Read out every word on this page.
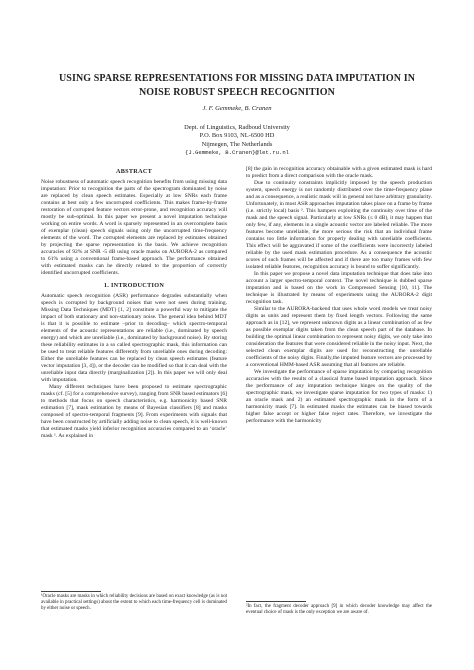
USING SPARSE REPRESENTATIONS FOR MISSING DATA IMPUTATION IN
NOISE ROBUST SPEECH RECOGNITION
J. F. Gemmeke, B. Cranen
Dept. of Linguistics, Radboud University
P.O. Box 9103, NL-6500 HD
Nijmegen, The Netherlands
{J.Gemmeke, B.Cranen}@let.ru.nl
ABSTRACT

Noise robustness of automatic speech recognition benefits from using missing data imputation: Prior to recognition the parts of the spectrogram dominated by noise are replaced by clean speech estimates. Especially at low SNRs each frame contains at best only a few uncorrupted coefficients. This makes frame-by-frame restoration of corrupted feature vectors error-prone, and recognition accuracy will mostly be sub-optimal. In this paper we present a novel imputation technique working on entire words. A word is sparsely represented in an overcomplete basis of exemplar (clean) speech signals using only the uncorrupted time-frequency elements of the word. The corrupted elements are replaced by estimates obtained by projecting the sparse representation in the basis. We achieve recognition accuracies of 92% at SNR -5 dB using oracle masks on AURORA-2 as compared to 61% using a conventional frame-based approach. The performance obtained with estimated masks can be directly related to the proportion of correctly identified uncorrupted coefficients.

1. INTRODUCTION

Automatic speech recognition (ASR) performance degrades substantially when speech is corrupted by background noises that were not seen during training. Missing Data Techniques (MDT) [1, 2] constitute a powerful way to mitigate the impact of both stationary and non-stationary noise. The general idea behind MDT is that it is possible to estimate –prior to decoding– which spectro-temporal elements of the acoustic representations are reliable (i.e., dominated by speech energy) and which are unreliable (i.e., dominated by background noise). By storing these reliability estimates in a so called spectrographic mask, this information can be used to treat reliable features differently from unreliable ones during decoding: Either the unreliable features can be replaced by clean speech estimates (feature vector imputation [3, 4]), or the decoder can be modified so that it can deal with the unreliable input data directly (marginalization [2]). In this paper we will only deal with imputation.

Many different techniques have been proposed to estimate spectrographic masks (cf. [5] for a comprehensive survey), ranging from SNR based estimators [6] to methods that focus on speech characteristics, e.g. harmonicity based SNR estimation [7], mask estimation by means of Bayesian classifiers [8] and masks composed of spectro-temporal fragments [9]. From experiments with signals that have been constructed by artificially adding noise to clean speech, it is well-known that estimated masks yield inferior recognition accuracies compared to an ‘oracle’ mask ¹. As explained in

¹Oracle masks are masks in which reliability decisions are based on exact knowledge (as is not available in practical settings) about the extent to which each time-frequency cell is dominated by either noise or speech.

[8] the gain in recognition accuracy obtainable with a given estimated mask is hard to predict from a direct comparison with the oracle mask.

Due to continuity constraints implicitly imposed by the speech production system, speech energy is not randomly distributed over the time-frequency plane and as a consequence, a realistic mask will in general not have arbitrary granularity. Unfortunately, in most ASR approaches imputation takes place on a frame by frame (i.e. strictly local) basis ². This hampers exploiting the continuity over time of the mask and the speech signal. Particularly at low SNRs (≤ 0 dB), it may happen that only few, if any, elements in a single acoustic vector are labeled reliable. The more features become unreliable, the more serious the risk that an individual frame contains too little information for properly dealing with unreliable coefficients. This effect will be aggravated if some of the coefficients were incorrectly labeled reliable by the used mask estimation procedure. As a consequence the acoustic scores of such frames will be affected and if there are too many frames with few isolated reliable features, recognition accuracy is bound to suffer significantly.

In this paper we propose a novel data imputation technique that does take into account a larger spectro-temporal context. The novel technique is dubbed sparse imputation and is based on the work in Compressed Sensing [10, 11]. The technique is illustrated by means of experiments using the AURORA-2 digit recognition task.

Similar to the AURORA-backend that uses whole word models we treat noisy digits as units and represent them by fixed length vectors. Following the same approach as in [12], we represent unknown digits as a linear combination of as few as possible exemplar digits taken from the clean speech part of the database. In building the optimal linear combination to represent noisy digits, we only take into consideration the features that were considered reliable in the noisy input. Next, the selected clean exemplar digits are used for reconstructing the unreliable coefficients of the noisy digits. Finally,the imputed feature vectors are processed by a conventional HMM-based ASR assuming that all features are reliable.

We investigate the performance of sparse imputation by comparing recognition accuracies with the results of a classical frame based imputation approach. Since the performance of any imputation technique hinges on the quality of the spectrographic mask, we investigate sparse imputation for two types of masks: 1) an oracle mask and 2) an estimated spectrographic mask in the form of a harmonicity mask [7]. In estimated masks the estimates can be biased towards higher false accept or higher false reject rates. Therefore, we investigate the performance with the harmonicity

²In fact, the fragment decoder approach [9] in which decoder knowledge may affect the eventual choice of mask is the only exception we are aware of.
